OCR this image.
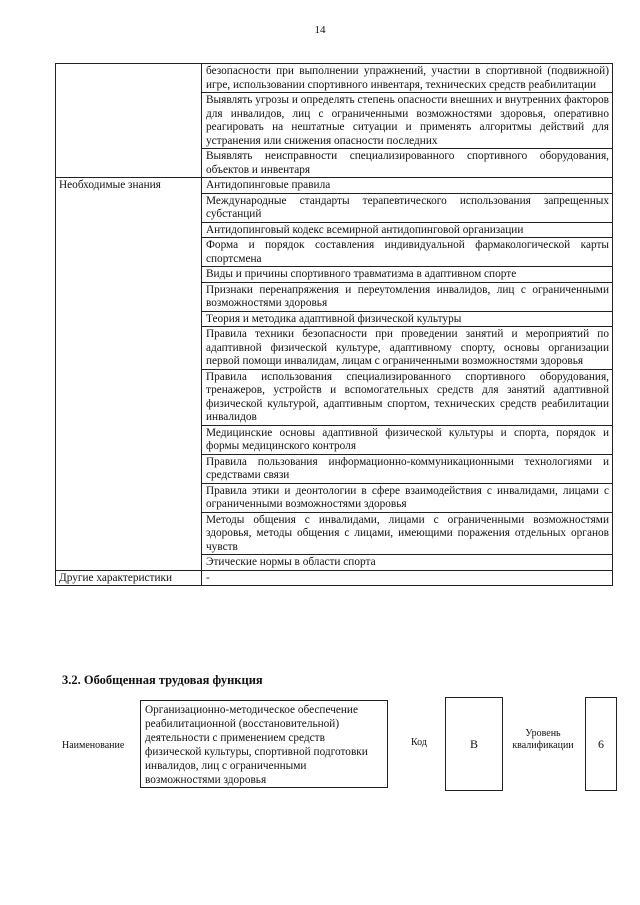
14
	безопасности при выполнении упражнений, участии в спортивной (подвижной) игре, использовании спортивного инвентаря, технических средств реабилитации
	Выявлять угрозы и определять степень опасности внешних и внутренних факторов для инвалидов, лиц с ограниченными возможностями здоровья, оперативно реагировать на нештатные ситуации и применять алгоритмы действий для устранения или снижения опасности последних
	Выявлять неисправности специализированного спортивного оборудования, объектов и инвентаря
Необходимые знания	Антидопинговые правила
	Международные стандарты терапевтического использования запрещенных субстанций
	Антидопинговый кодекс всемирной антидопинговой организации
	Форма и порядок составления индивидуальной фармакологической карты спортсмена
	Виды и причины спортивного травматизма в адаптивном спорте
	Признаки перенапряжения и переутомления инвалидов, лиц с ограниченными возможностями здоровья
	Теория и методика адаптивной физической культуры
	Правила техники безопасности при проведении занятий и мероприятий по адаптивной физической культуре, адаптивному спорту, основы организации первой помощи инвалидам, лицам с ограниченными возможностями здоровья
	Правила использования специализированного спортивного оборудования, тренажеров, устройств и вспомогательных средств для занятий адаптивной физической культурой, адаптивным спортом, технических средств реабилитации инвалидов
	Медицинские основы адаптивной физической культуры и спорта, порядок и формы медицинского контроля
	Правила пользования информационно-коммуникационными технологиями и средствами связи
	Правила этики и деонтологии в сфере взаимодействия с инвалидами, лицами с ограниченными возможностями здоровья
	Методы общения с инвалидами, лицами с ограниченными возможностями здоровья, методы общения с лицами, имеющими поражения отдельных органов чувств
	Этические нормы в области спорта
Другие характеристики	-
3.2. Обобщенная трудовая функция
Наименование
Организационно-методическое обеспечение реабилитационной (восстановительной) деятельности с применением средств физической культуры, спортивной подготовки инвалидов, лиц с ограниченными возможностями здоровья
Код	B
Уровень квалификации	6
